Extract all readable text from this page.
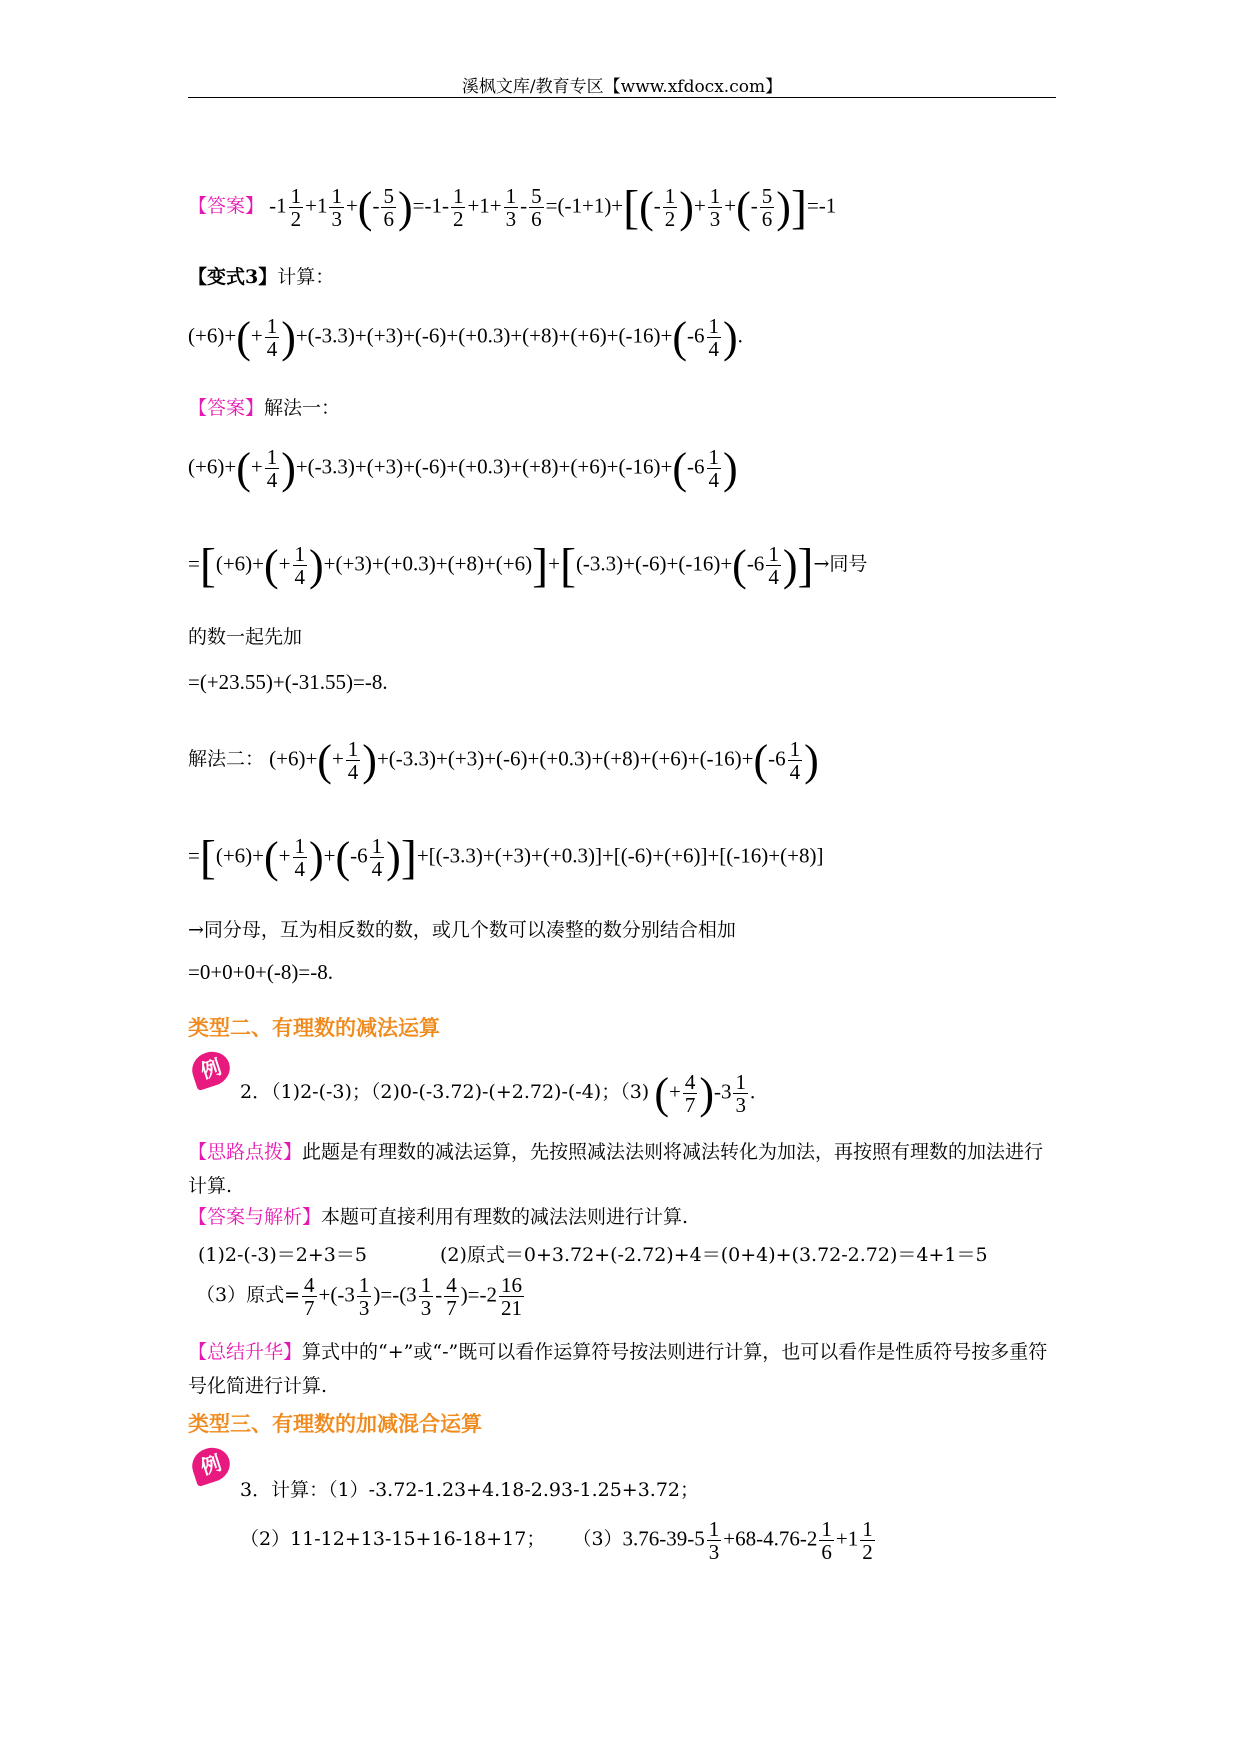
溪枫文库/教育专区【www.xfdocx.com】
【答案】 $-1 \frac{1}{2} +1 \frac{1}{3}$ +(- $\frac{5}{6} )=-1- \frac{1}{2} +1+ \frac{1}{3} - \frac{5}{6} =(-1+1)+[(- \frac{1}{2}$ )+ $\frac{1}{3}$ +(- $\frac{5}{6} )]=-1$
【变式3】计算：
$(+6)+(+ \frac{1}{4} )+(-3.3)+(+3)+(-6)+(+0.3)+(+8)+(+6)+(-16)+(-6 \frac{1}{4}$ ).
【答案】解法一：
$(+6)+(+ \frac{1}{4} )+(-3.3)+(+3)+(-6)+(+0.3)+(+8)+(+6)+(-16)+(-6 \frac{1}{4}$ )
$=[(+6)+(+ \frac{1}{4} )+(+3)+(+0.3)+(+8)+(+6)]+[(-3.3)+(-6)+(-16)+(-6 \frac{1}{4}$ )]→同号
的数一起先加
=(+23.55)+(-31.55)=-8.
解法二： $(+6)+(+ \frac{1}{4} )+(-3.3)+(+3)+(-6)+(+0.3)+(+8)+(+6)+(-16)+(-6 \frac{1}{4}$ )
$=[(+6)+(+ \frac{1}{4} )+(-6 \frac{1}{4} )]+[(-3.3)+(+3)+(+0.3)]+[(-6)+(+6)]+[(-16)+(+8)]$
→同分母，互为相反数的数，或几个数可以凑整的数分别结合相加
=0+0+0+(-8)=-8.
类型二、有理数的减法运算
例
2．（1)2-(-3)；（2)0-(-3.72)-(+2.72)-(-4)；（3) (+ $\frac{4}{7} )-3 \frac{1}{3}$ .
【思路点拨】此题是有理数的减法运算，先按照减法法则将减法转化为加法，再按照有理数的加法进行计算.
【答案与解析】本题可直接利用有理数的减法法则进行计算.
(1)2-(-3)＝2+3＝5	(2)原式＝0+3.72+(-2.72)+4＝(0+4)+(3.72-2.72)＝4+1＝5
（3）原式= $\frac{4}{7} +(-3 \frac{1}{3} )=-(3 \frac{1}{3} - \frac{4}{7} )=-2 \frac{16}{21}$
【总结升华】算式中的“+”或“-”既可以看作运算符号按法则进行计算，也可以看作是性质符号按多重符号化简进行计算.
类型三、有理数的加减混合运算
例
3．计算：（1）-3.72-1.23+4.18-2.93-1.25+3.72；
（2）11-12+13-15+16-18+17； $(3)3.76-39-5 \frac{1}{3} +68-4.76-2 \frac{1}{6} +1 \frac{1}{2}$
